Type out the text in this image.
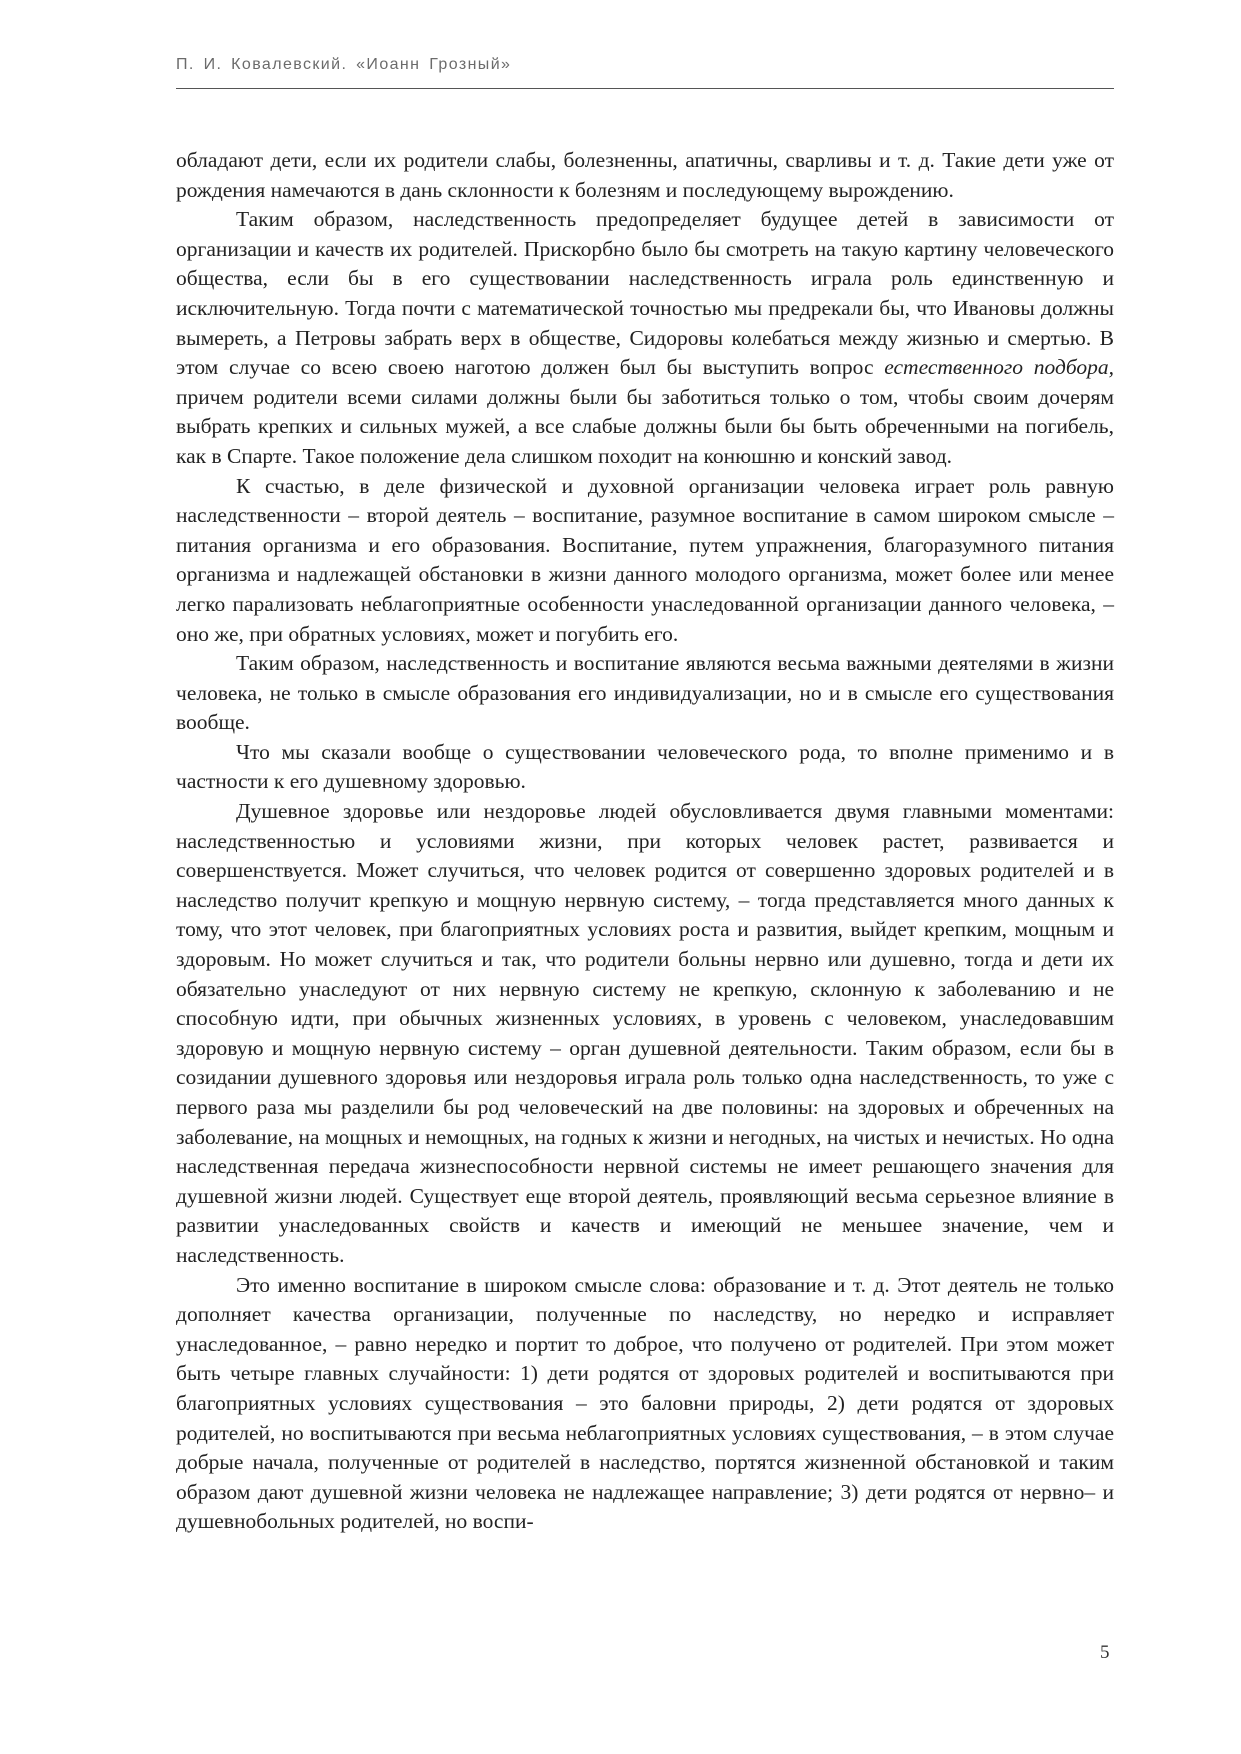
П. И. Ковалевский. «Иоанн Грозный»

обладают дети, если их родители слабы, болезненны, апатичны, сварливы и т. д. Такие дети уже от рождения намечаются в дань склонности к болезням и последующему вырождению.

Таким образом, наследственность предопределяет будущее детей в зависимости от организации и качеств их родителей. Прискорбно было бы смотреть на такую картину человеческого общества, если бы в его существовании наследственность играла роль единственную и исключительную. Тогда почти с математической точностью мы предрекали бы, что Ивановы должны вымереть, а Петровы забрать верх в обществе, Сидоровы колебаться между жизнью и смертью. В этом случае со всею своею наготою должен был бы выступить вопрос естественного подбора, причем родители всеми силами должны были бы заботиться только о том, чтобы своим дочерям выбрать крепких и сильных мужей, а все слабые должны были бы быть обреченными на погибель, как в Спарте. Такое положение дела слишком походит на конюшню и конский завод.

К счастью, в деле физической и духовной организации человека играет роль равную наследственности – второй деятель – воспитание, разумное воспитание в самом широком смысле – питания организма и его образования. Воспитание, путем упражнения, благоразумного питания организма и надлежащей обстановки в жизни данного молодого организма, может более или менее легко парализовать неблагоприятные особенности унаследованной организации данного человека, – оно же, при обратных условиях, может и погубить его.

Таким образом, наследственность и воспитание являются весьма важными деятелями в жизни человека, не только в смысле образования его индивидуализации, но и в смысле его существования вообще.

Что мы сказали вообще о существовании человеческого рода, то вполне применимо и в частности к его душевному здоровью.

Душевное здоровье или нездоровье людей обусловливается двумя главными моментами: наследственностью и условиями жизни, при которых человек растет, развивается и совершенствуется. Может случиться, что человек родится от совершенно здоровых родителей и в наследство получит крепкую и мощную нервную систему, – тогда представляется много данных к тому, что этот человек, при благоприятных условиях роста и развития, выйдет крепким, мощным и здоровым. Но может случиться и так, что родители больны нервно или душевно, тогда и дети их обязательно унаследуют от них нервную систему не крепкую, склонную к заболеванию и не способную идти, при обычных жизненных условиях, в уровень с человеком, унаследовавшим здоровую и мощную нервную систему – орган душевной деятельности. Таким образом, если бы в созидании душевного здоровья или нездоровья играла роль только одна наследственность, то уже с первого раза мы разделили бы род человеческий на две половины: на здоровых и обреченных на заболевание, на мощных и немощных, на годных к жизни и негодных, на чистых и нечистых. Но одна наследственная передача жизнеспособности нервной системы не имеет решающего значения для душевной жизни людей. Существует еще второй деятель, проявляющий весьма серьезное влияние в развитии унаследованных свойств и качеств и имеющий не меньшее значение, чем и наследственность.

Это именно воспитание в широком смысле слова: образование и т. д. Этот деятель не только дополняет качества организации, полученные по наследству, но нередко и исправляет унаследованное, – равно нередко и портит то доброе, что получено от родителей. При этом может быть четыре главных случайности: 1) дети родятся от здоровых родителей и воспитываются при благоприятных условиях существования – это баловни природы, 2) дети родятся от здоровых родителей, но воспитываются при весьма неблагоприятных условиях существования, – в этом случае добрые начала, полученные от родителей в наследство, портятся жизненной обстановкой и таким образом дают душевной жизни человека не надлежащее направление; 3) дети родятся от нервно– и душевнобольных родителей, но воспи-

5
